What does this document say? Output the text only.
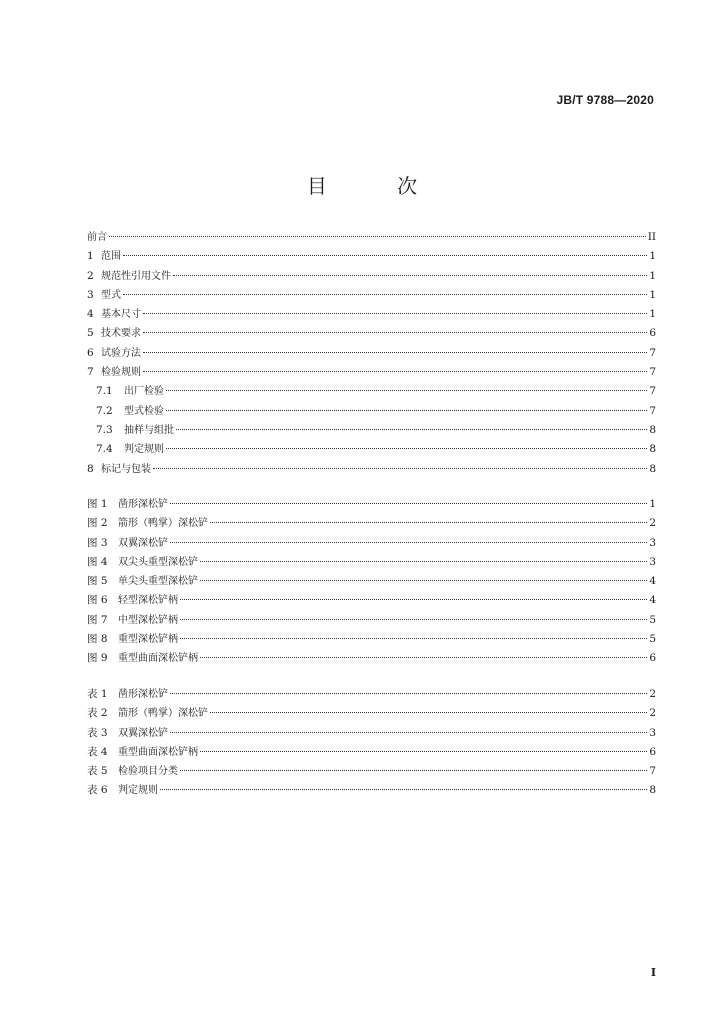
JB/T 9788—2020
目 次
前言	II
1 范围	1
2 规范性引用文件	1
3 型式	1
4 基本尺寸	1
5 技术要求	6
6 试验方法	7
7 检验规则	7
7.1	出厂检验	7
7.2	型式检验	7
7.3	抽样与组批	8
7.4	判定规则	8
8 标记与包装	8
图 1	凿形深松铲	1
图 2	箭形（鸭掌）深松铲	2
图 3	双翼深松铲	3
图 4	双尖头重型深松铲	3
图 5	单尖头重型深松铲	4
图 6	轻型深松铲柄	4
图 7	中型深松铲柄	5
图 8	重型深松铲柄	5
图 9	重型曲面深松铲柄	6
表 1	凿形深松铲	2
表 2	箭形（鸭掌）深松铲	2
表 3	双翼深松铲	3
表 4	重型曲面深松铲柄	6
表 5	检验项目分类	7
表 6	判定规则	8
I
